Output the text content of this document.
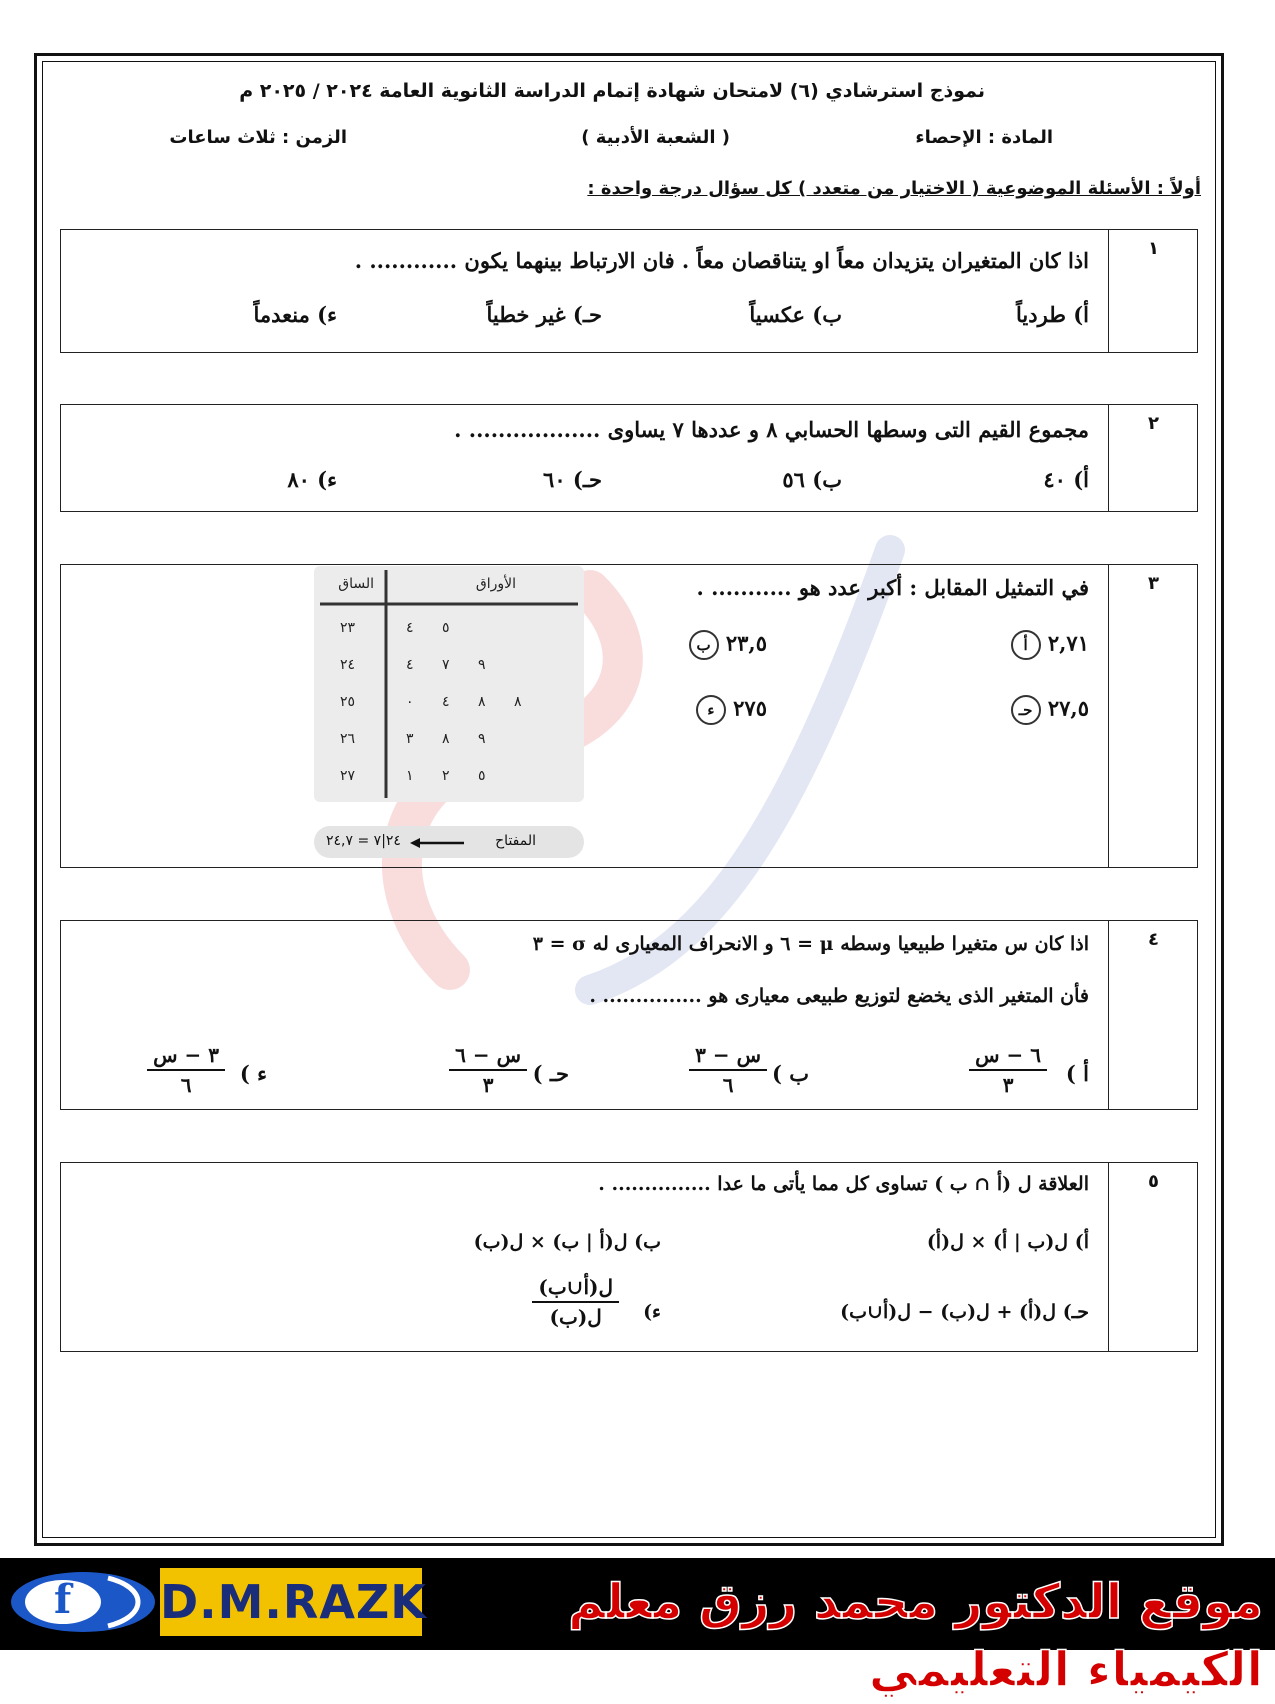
نموذج استرشادي (٦) لامتحان شهادة إتمام الدراسة الثانوية العامة ٢٠٢٤ / ٢٠٢٥ م
المادة : الإحصاء
( الشعبة الأدبية )
الزمن : ثلاث ساعات
أولاً : الأسئلة الموضوعية ( الاختيار من متعدد ) كل سؤال درجة واحدة :
١
اذا كان المتغيران يتزيدان معاً او يتناقصان معاً . فان الارتباط بينهما يكون ............ .
ﺃ) طردياً
ب) عكسياً
حـ) غير خطياً
ء) منعدماً
٢
مجموع القيم التى وسطها الحسابي ٨ و عددها ٧ يساوى .................. .
ﺃ) ٤٠
ب) ٥٦
حـ) ٦٠
ء) ٨٠
٣
في التمثيل المقابل : أكبر عدد هو ........... .
ﺃ ٢,٧١
ب ٢٣,٥
حـ ٢٧,٥
ء ٢٧٥
الساق	الأوراق
٢٣	٤ ٥
٢٤	٤ ٧ ٩
٢٥	٠ ٤ ٨ ٨
٢٦	٣ ٨ ٩
٢٧	١ ٢ ٥
المفتاح
٢٤|٧ = ٢٤,٧
٤
اذا كان س متغيرا طبيعيا وسطه μ = ٦ و الانحراف المعيارى له σ = ٣
فأن المتغير الذى يخضع لتوزيع طبيعى معيارى هو ............... .
ﺃ )
٦ − س
٣
ب )
س − ٣
٦
حـ )
س − ٦
٣
ء )
٣ − س
٦
٥
العلاقة ل (ﺃ ∩ ب ) تساوى كل مما يأتى ما عدا ............... .
ﺃ) ل(ب | ﺃ) × ل(ﺃ)
ب) ل(ﺃ | ب) × ل(ب)
حـ) ل(ﺃ) + ل(ب) − ل(ﺃ∪ب)
ء)
ل(ﺃ∪ب)
ل(ب)
موقع الدكتور محمد رزق معلم الكيمياء التعليمي
D.M.RAZK
f
